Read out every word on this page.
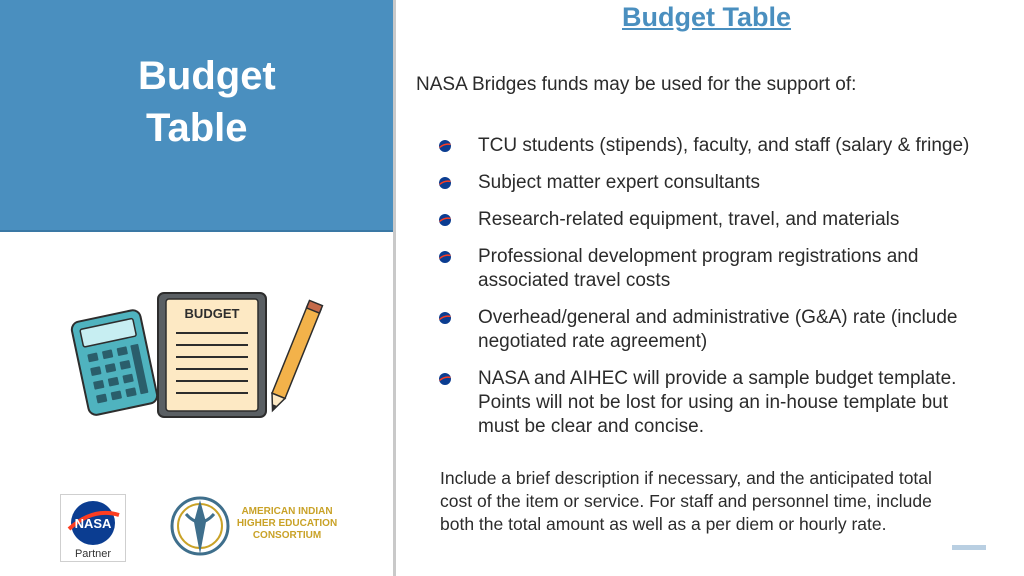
Budget
Table
BUDGET
NASA
Partner
AMERICAN INDIAN
HIGHER EDUCATION
CONSORTIUM
Budget Table
NASA Bridges funds may be used for the support of:
TCU students (stipends), faculty, and staff (salary & fringe)
Subject matter expert consultants
Research-related equipment, travel, and materials
Professional development program registrations and
associated travel costs
Overhead/general and administrative (G&A) rate (include
negotiated rate agreement)
NASA and AIHEC will provide a sample budget template.
Points will not be lost for using an in-house template but
must be clear and concise.
Include a brief description if necessary, and the anticipated total
cost of the item or service. For staff and personnel time, include
both the total amount as well as a per diem or hourly rate.
